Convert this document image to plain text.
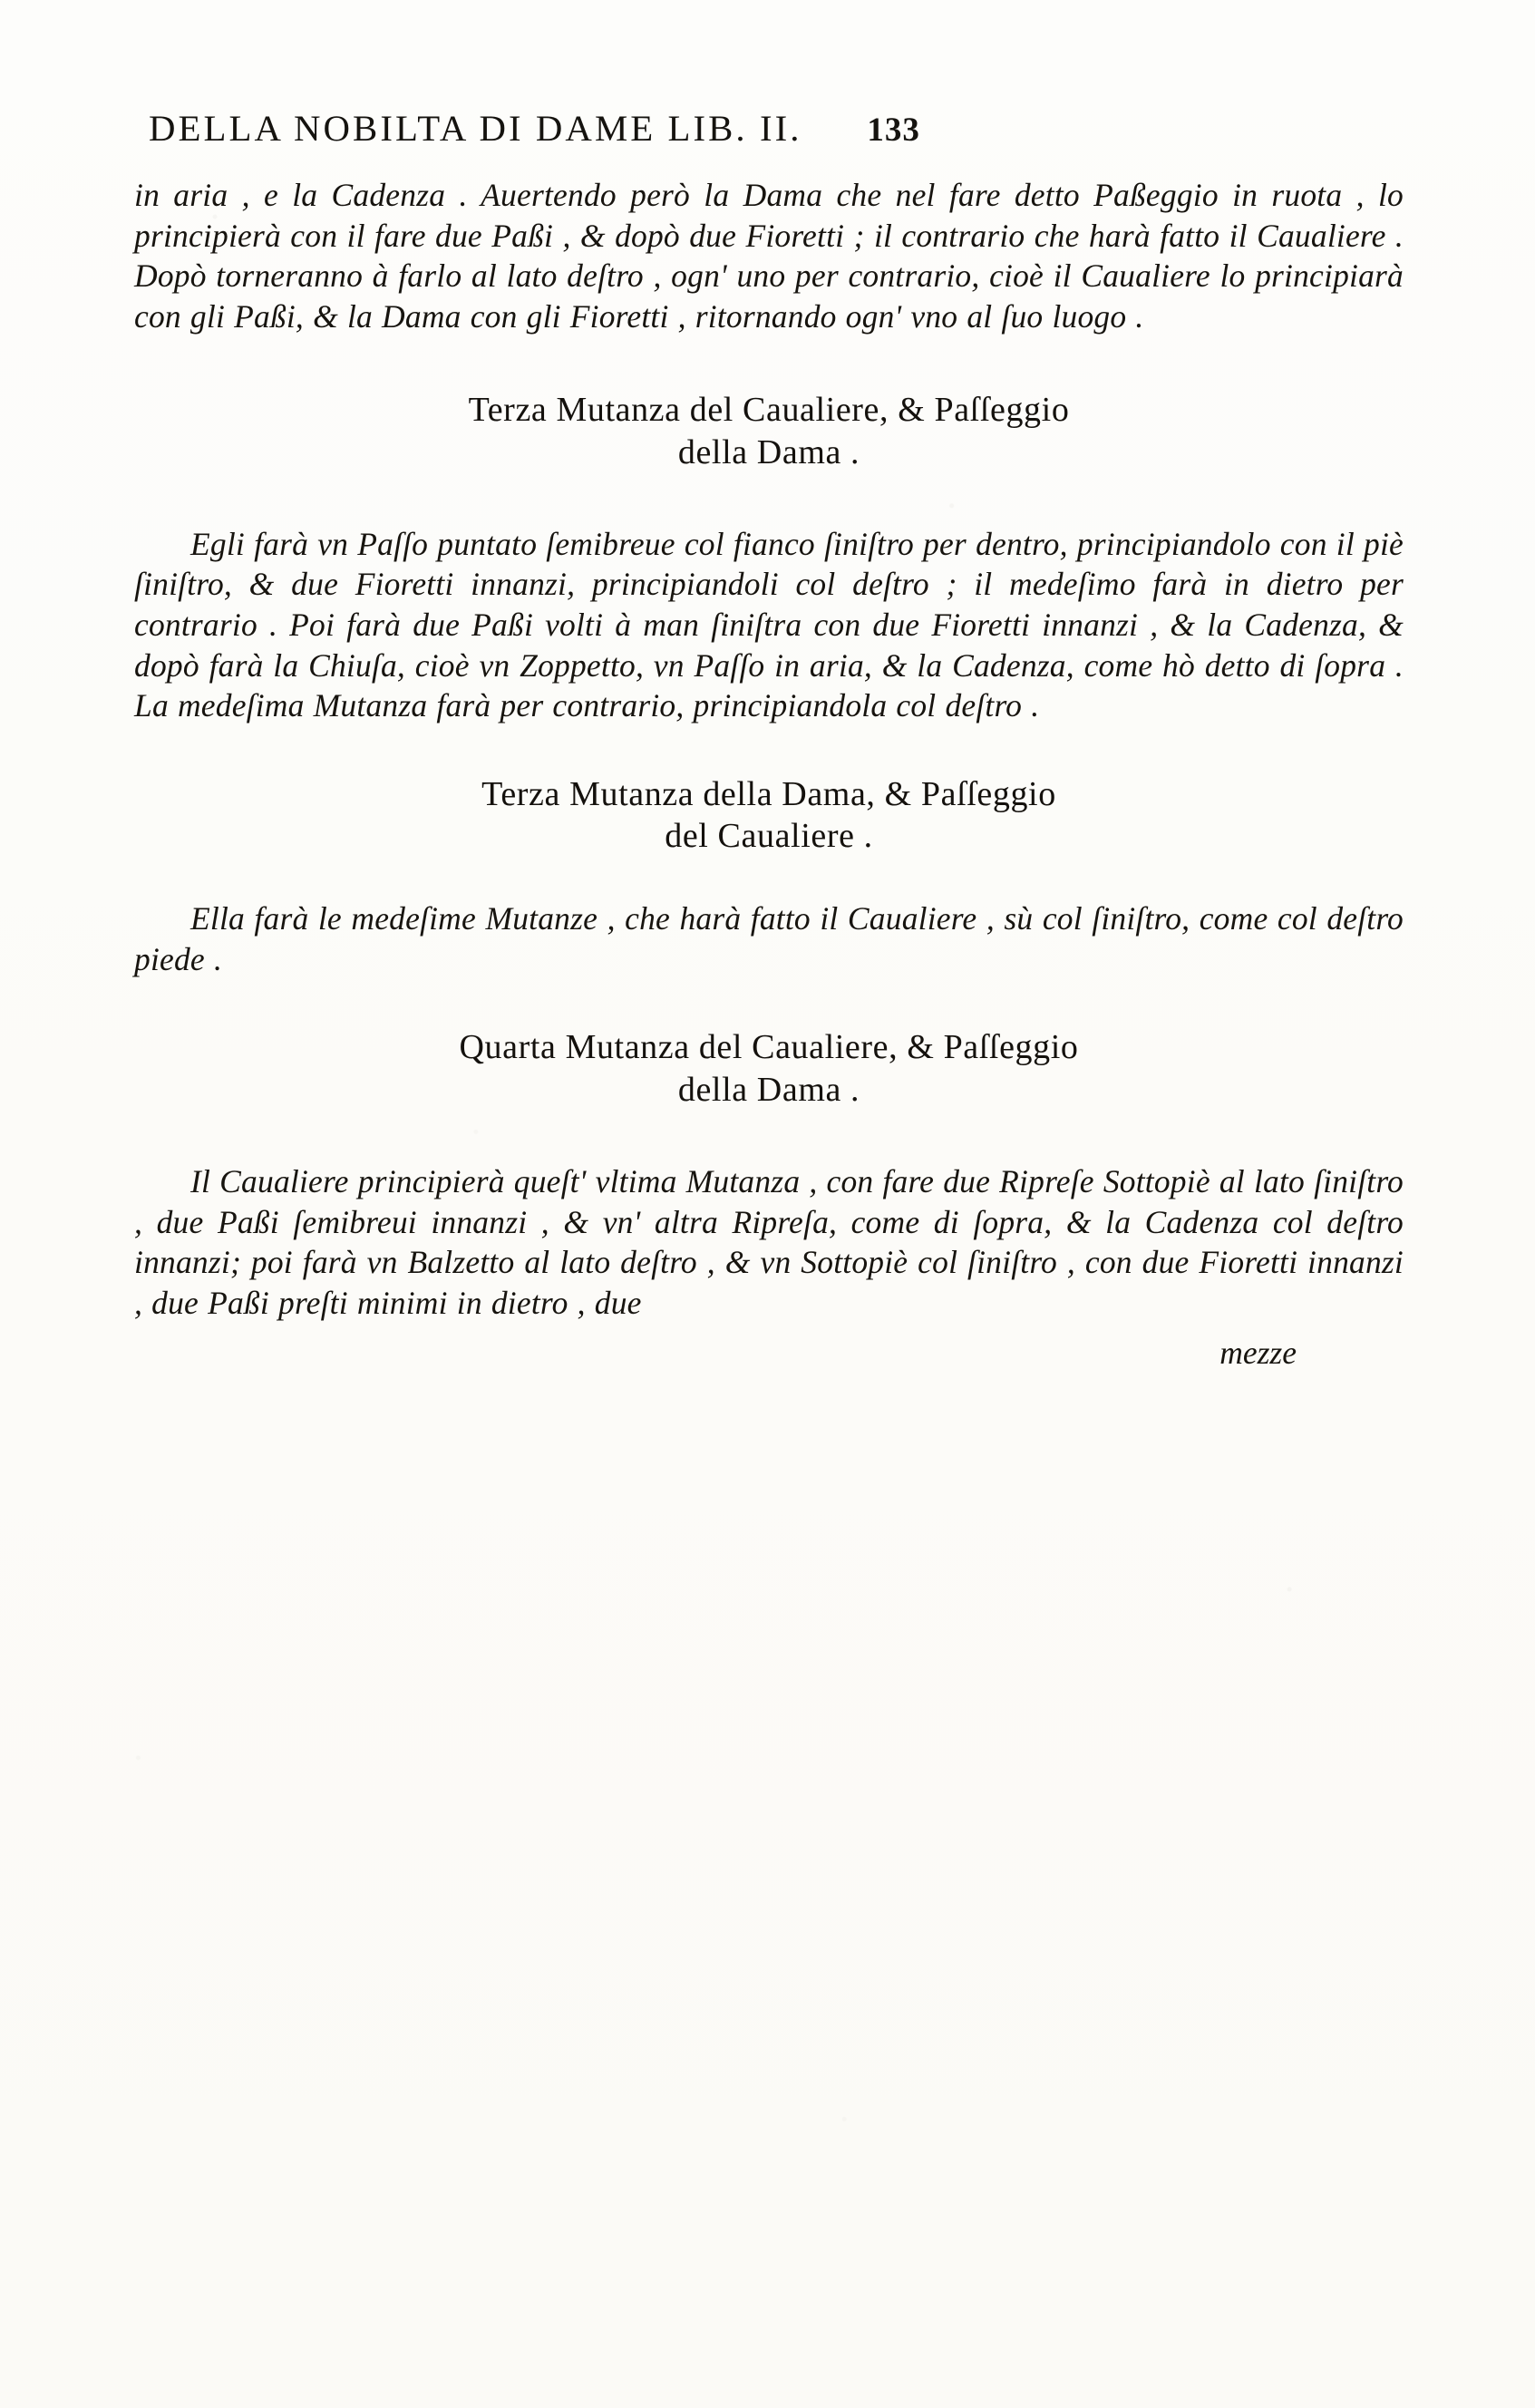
DELLA NOBILTA DI DAME LIB. II. 133

in aria , e la Cadenza . Auertendo però la Dama che nel fare detto Paßeggio in ruota , lo principierà con il fare due Paßi , & dopò due Fioretti ; il contrario che harà fatto il Caualiere . Dopò torneranno à farlo al lato deſtro , ogn' uno per contrario, cioè il Caualiere lo principiarà con gli Paßi, & la Dama con gli Fioretti , ritornando ogn' vno al ſuo luogo .

Terza Mutanza del Caualiere, & Paſſeggio
della Dama .

Egli farà vn Paſſo puntato ſemibreue col fianco ſiniſtro per dentro, principiandolo con il piè ſiniſtro, & due Fioretti innanzi, principiandoli col deſtro ; il medeſimo farà in dietro per contrario . Poi farà due Paßi volti à man ſiniſtra con due Fioretti innanzi , & la Cadenza, & dopò farà la Chiuſa, cioè vn Zoppetto, vn Paſſo in aria, & la Cadenza, come hò detto di ſopra . La medeſima Mutanza farà per contrario, principiandola col deſtro .

Terza Mutanza della Dama, & Paſſeggio
del Caualiere .

Ella farà le medeſime Mutanze , che harà fatto il Caualiere , sù col ſiniſtro, come col deſtro piede .

Quarta Mutanza del Caualiere, & Paſſeggio
della Dama .

Il Caualiere principierà queſt' vltima Mutanza , con fare due Ripreſe Sottopiè al lato ſiniſtro , due Paßi ſemibreui innanzi , & vn' altra Ripreſa, come di ſopra, & la Cadenza col deſtro innanzi; poi farà vn Balzetto al lato deſtro , & vn Sottopiè col ſiniſtro , con due Fioretti innanzi , due Paßi preſti minimi in dietro , due

mezze
